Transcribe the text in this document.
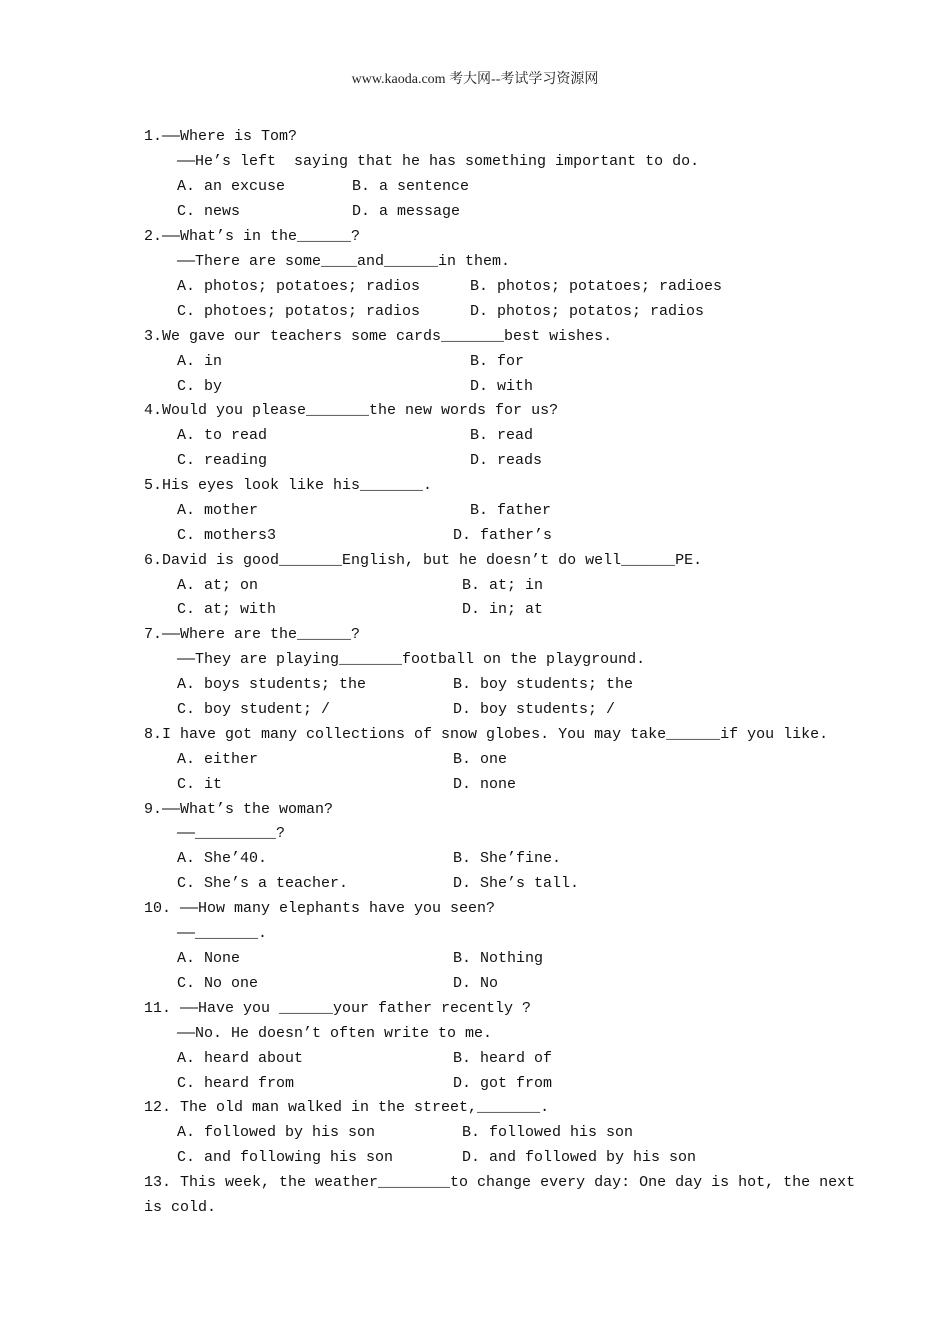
www.kaoda.com 考大网--考试学习资源网
1.——Where is Tom?
——He’s left  saying that he has something important to do.
A. an excuse	B. a sentence
C. news	D. a message
2.——What’s in the______?
——There are some____and______in them.
A. photos; potatoes; radios	B. photos; potatoes; radioes
C. photoes; potatos; radios	D. photos; potatos; radios
3.We gave our teachers some cards_______best wishes.
A. in	B. for
C. by	D. with
4.Would you please_______the new words for us?
A. to read	B. read
C. reading	D. reads
5.His eyes look like his_______.
A. mother	B. father
C. mothers3	D. father’s
6.David is good_______English, but he doesn’t do well______PE.
A. at; on	B. at; in
C. at; with	D. in; at
7.——Where are the______?
——They are playing_______football on the playground.
A. boys students; the	B. boy students; the
C. boy student; /	D. boy students; /
8.I have got many collections of snow globes. You may take______if you like.
A. either	B. one
C. it	D. none
9.——What’s the woman?
——_________?
A. She’40.	B. She’fine.
C. She’s a teacher.	D. She’s tall.
10. ——How many elephants have you seen?
——_______.
A. None	B. Nothing
C. No one	D. No
11. ——Have you ______your father recently ?
——No. He doesn’t often write to me.
A. heard about	B. heard of
C. heard from	D. got from
12. The old man walked in the street,_______.
A. followed by his son	B. followed his son
C. and following his son	D. and followed by his son
13. This week, the weather________to change every day: One day is hot, the next
is cold.
